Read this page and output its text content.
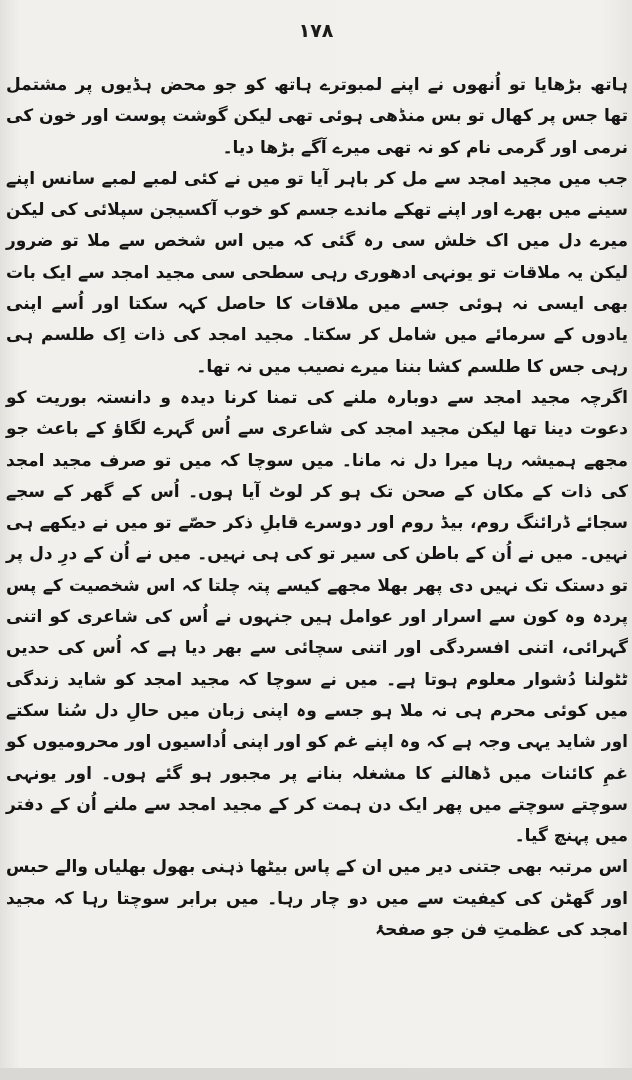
۱۷۸

ہاتھ بڑھایا تو اُنھوں نے اپنے لمبوترے ہاتھ کو جو محض ہڈیوں پر مشتمل تھا جس پر کھال تو بس منڈھی ہوئی تھی لیکن گوشت پوست اور خون کی نرمی اور گرمی نام کو نہ تھی میرے آگے بڑھا دیا۔

جب میں مجید امجد سے مل کر باہر آیا تو میں نے کئی لمبے لمبے سانس اپنے سینے میں بھرے اور اپنے تھکے ماندے جسم کو خوب آکسیجن سپلائی کی لیکن میرے دل میں اک خلش سی رہ گئی کہ میں اس شخص سے ملا تو ضرور لیکن یہ ملاقات تو یونہی ادھوری رہی سطحی سی مجید امجد سے ایک بات بھی ایسی نہ ہوئی جسے میں ملاقات کا حاصل کہہ سکتا اور اُسے اپنی یادوں کے سرمائے میں شامل کر سکتا۔ مجید امجد کی ذات اِک طلسم ہی رہی جس کا طلسم کشا بننا میرے نصیب میں نہ تھا۔

اگرچہ مجید امجد سے دوبارہ ملنے کی تمنا کرنا دیدہ و دانستہ بوریت کو دعوت دینا تھا لیکن مجید امجد کی شاعری سے اُس گہرے لگاؤ کے باعث جو مجھے ہمیشہ رہا میرا دل نہ مانا۔ میں سوچا کہ میں تو صرف مجید امجد کی ذات کے مکان کے صحن تک ہو کر لوٹ آیا ہوں۔ اُس کے گھر کے سجے سجائے ڈرائنگ روم، بیڈ روم اور دوسرے قابلِ ذکر حصّے تو میں نے دیکھے ہی نہیں۔ میں نے اُن کے باطن کی سیر تو کی ہی نہیں۔ میں نے اُن کے درِ دل پر تو دستک تک نہیں دی پھر بھلا مجھے کیسے پتہ چلتا کہ اس شخصیت کے پس پردہ وہ کون سے اسرار اور عوامل ہیں جنہوں نے اُس کی شاعری کو اتنی گہرائی، اتنی افسردگی اور اتنی سچائی سے بھر دیا ہے کہ اُس کی حدیں ٹٹولنا دُشوار معلوم ہوتا ہے۔ میں نے سوچا کہ مجید امجد کو شاید زندگی میں کوئی محرم ہی نہ ملا ہو جسے وہ اپنی زبان میں حالِ دل سُنا سکتے اور شاید یہی وجہ ہے کہ وہ اپنے غم کو اور اپنی اُداسیوں اور محرومیوں کو غمِ کائنات میں ڈھالنے کا مشغلہ بنانے پر مجبور ہو گئے ہوں۔ اور یونہی سوچتے سوچتے میں پھر ایک دن ہمت کر کے مجید امجد سے ملنے اُن کے دفتر میں پہنچ گیا۔

اس مرتبہ بھی جتنی دیر میں ان کے پاس بیٹھا ذہنی بھول بھلیاں والے حبس اور گھٹن کی کیفیت سے میں دو چار رہا۔ میں برابر سوچتا رہا کہ مجید امجد کی عظمتِ فن جو صفحۂ
